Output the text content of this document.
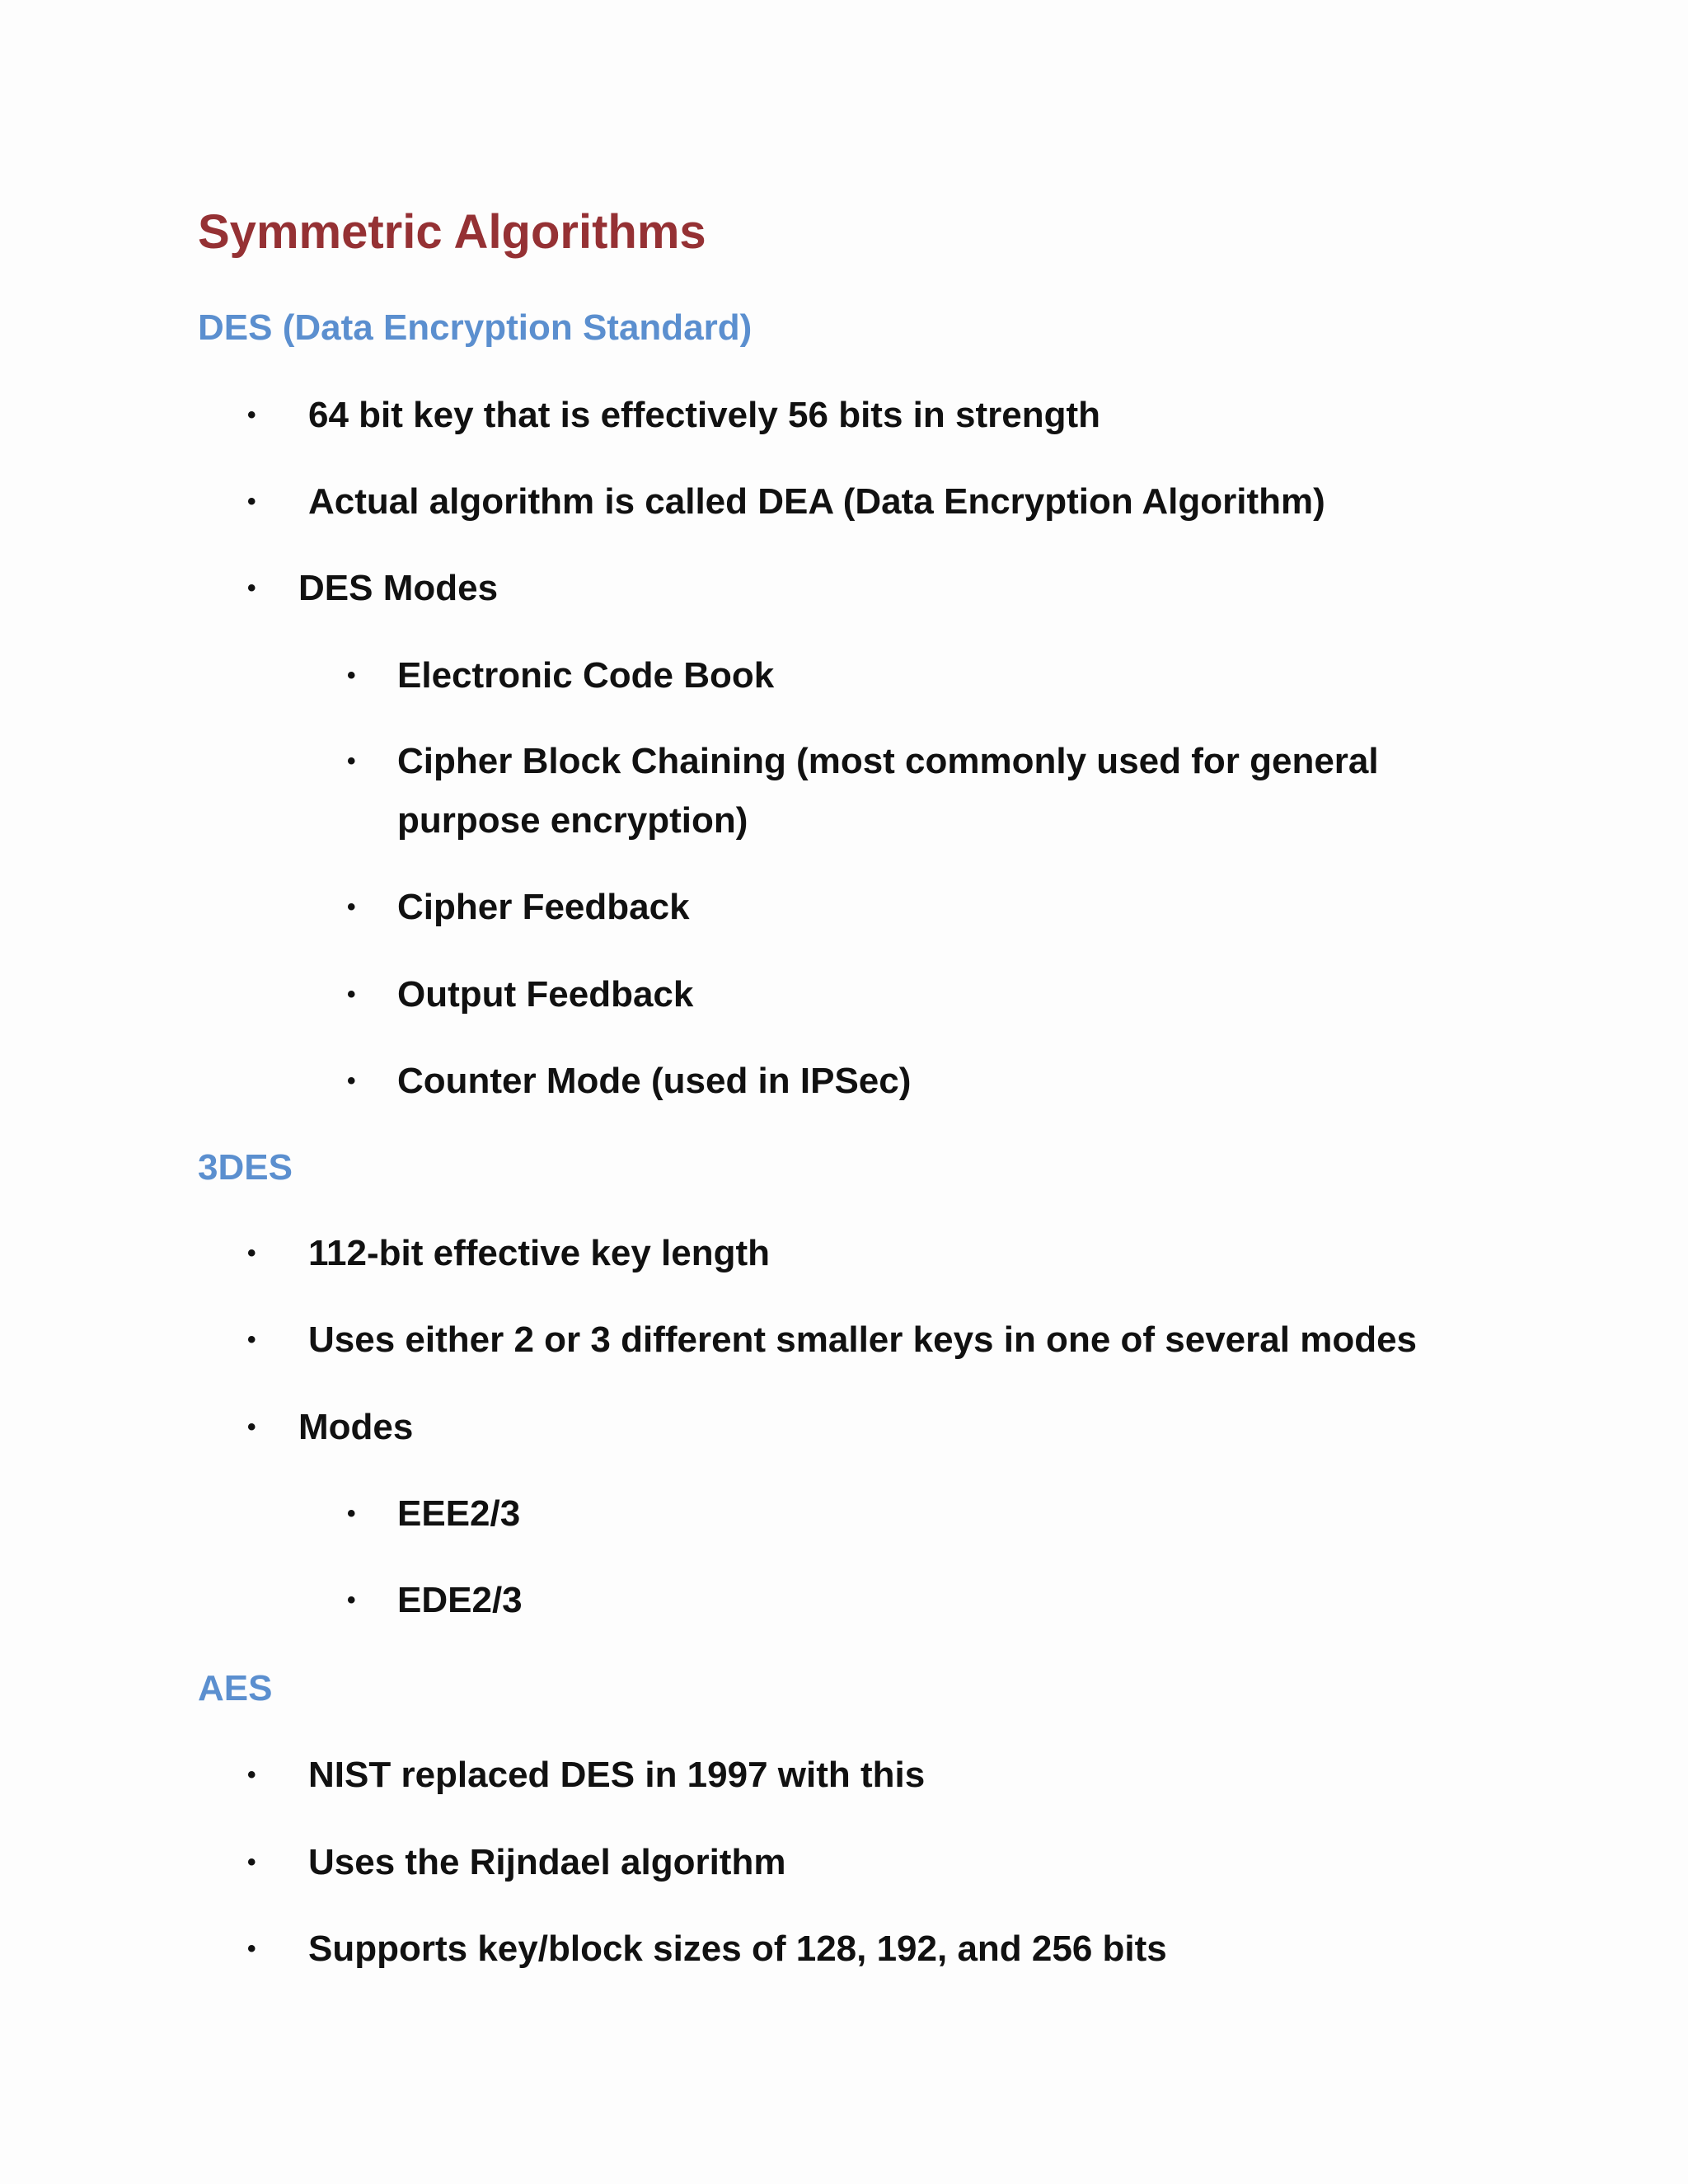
Symmetric Algorithms
DES (Data Encryption Standard)
• 64 bit key that is effectively 56 bits in strength
• Actual algorithm is called DEA (Data Encryption Algorithm)
• DES Modes
• Electronic Code Book
• Cipher Block Chaining (most commonly used for general
purpose encryption)
• Cipher Feedback
• Output Feedback
• Counter Mode (used in IPSec)
3DES
• 112-bit effective key length
• Uses either 2 or 3 different smaller keys in one of several modes
• Modes
• EEE2/3
• EDE2/3
AES
• NIST replaced DES in 1997 with this
• Uses the Rijndael algorithm
• Supports key/block sizes of 128, 192, and 256 bits
